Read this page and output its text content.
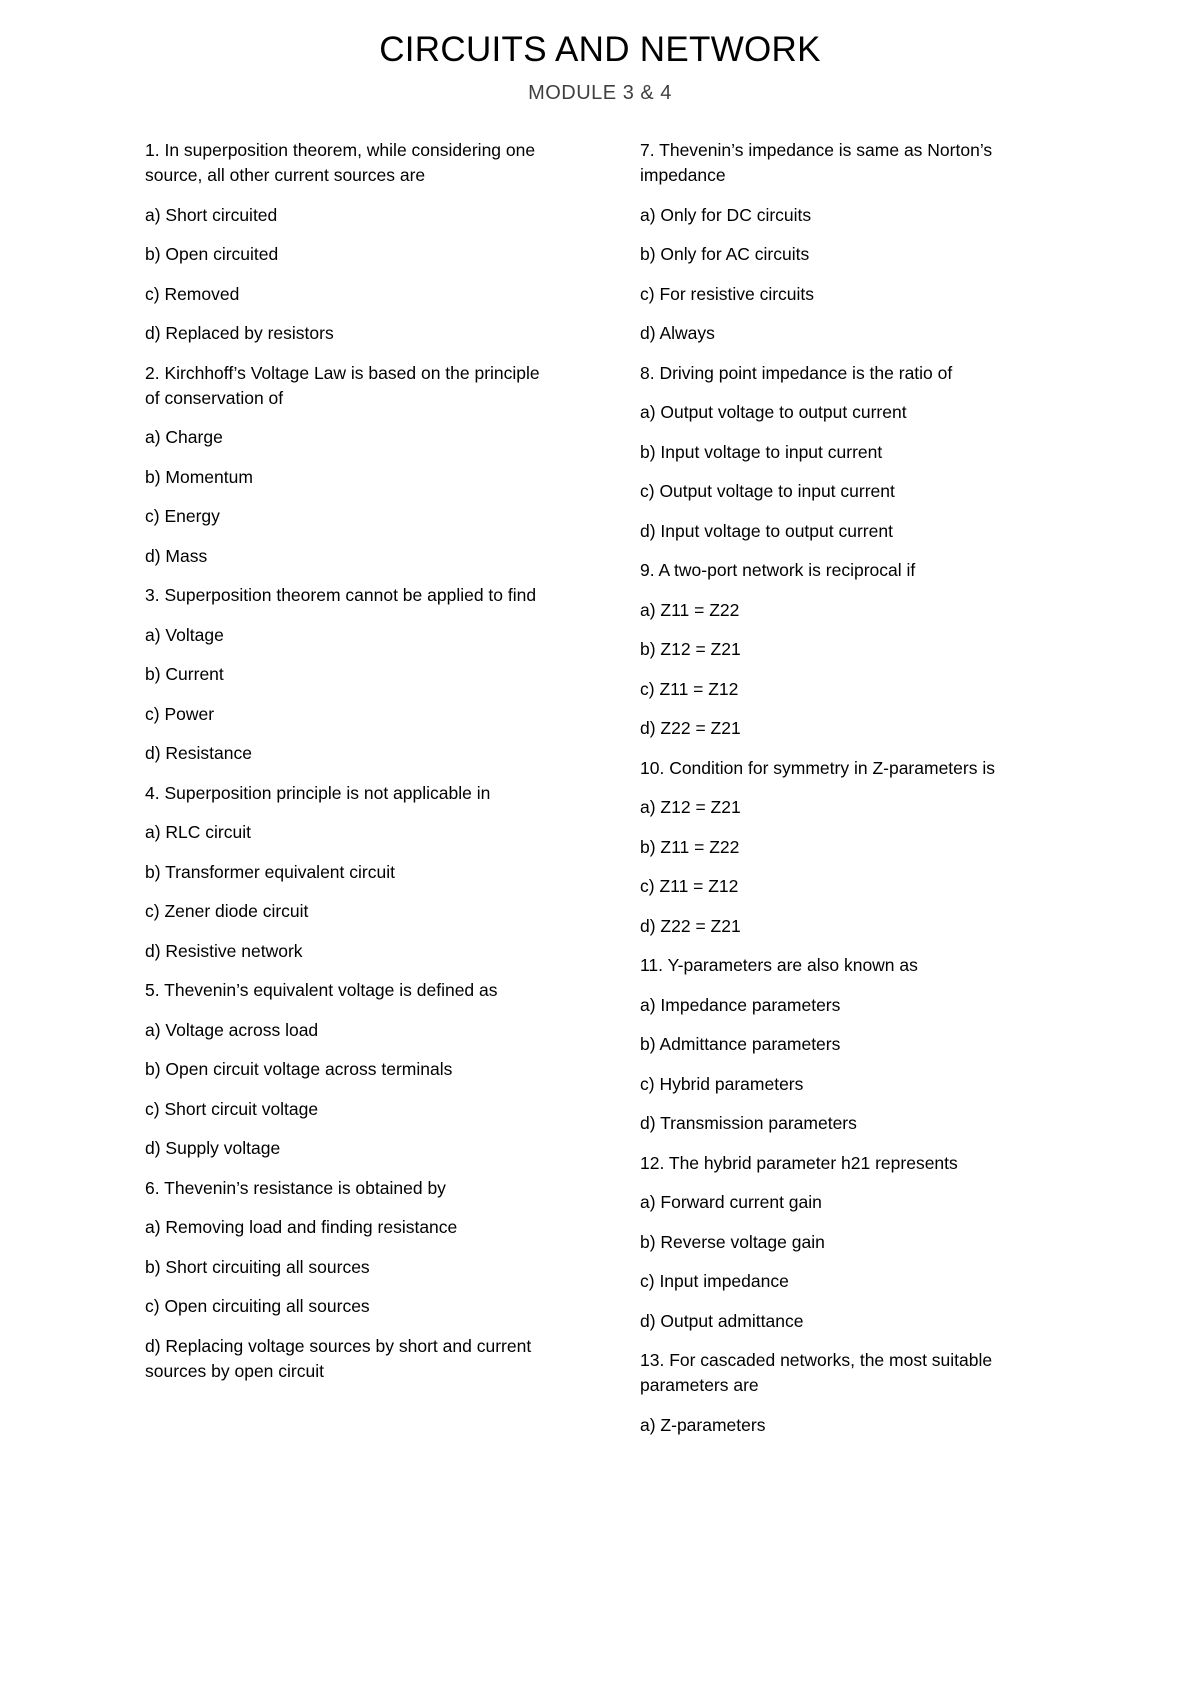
CIRCUITS AND NETWORK
MODULE 3 & 4
1. In superposition theorem, while considering one
source, all other current sources are
a) Short circuited
b) Open circuited
c) Removed
d) Replaced by resistors
2. Kirchhoff’s Voltage Law is based on the principle
of conservation of
a) Charge
b) Momentum
c) Energy
d) Mass
3. Superposition theorem cannot be applied to find
a) Voltage
b) Current
c) Power
d) Resistance
4. Superposition principle is not applicable in
a) RLC circuit
b) Transformer equivalent circuit
c) Zener diode circuit
d) Resistive network
5. Thevenin’s equivalent voltage is defined as
a) Voltage across load
b) Open circuit voltage across terminals
c) Short circuit voltage
d) Supply voltage
6. Thevenin’s resistance is obtained by
a) Removing load and finding resistance
b) Short circuiting all sources
c) Open circuiting all sources
d) Replacing voltage sources by short and current
sources by open circuit
7. Thevenin’s impedance is same as Norton’s
impedance
a) Only for DC circuits
b) Only for AC circuits
c) For resistive circuits
d) Always
8. Driving point impedance is the ratio of
a) Output voltage to output current
b) Input voltage to input current
c) Output voltage to input current
d) Input voltage to output current
9. A two-port network is reciprocal if
a) Z11 = Z22
b) Z12 = Z21
c) Z11 = Z12
d) Z22 = Z21
10. Condition for symmetry in Z-parameters is
a) Z12 = Z21
b) Z11 = Z22
c) Z11 = Z12
d) Z22 = Z21
11. Y-parameters are also known as
a) Impedance parameters
b) Admittance parameters
c) Hybrid parameters
d) Transmission parameters
12. The hybrid parameter h21 represents
a) Forward current gain
b) Reverse voltage gain
c) Input impedance
d) Output admittance
13. For cascaded networks, the most suitable
parameters are
a) Z-parameters
